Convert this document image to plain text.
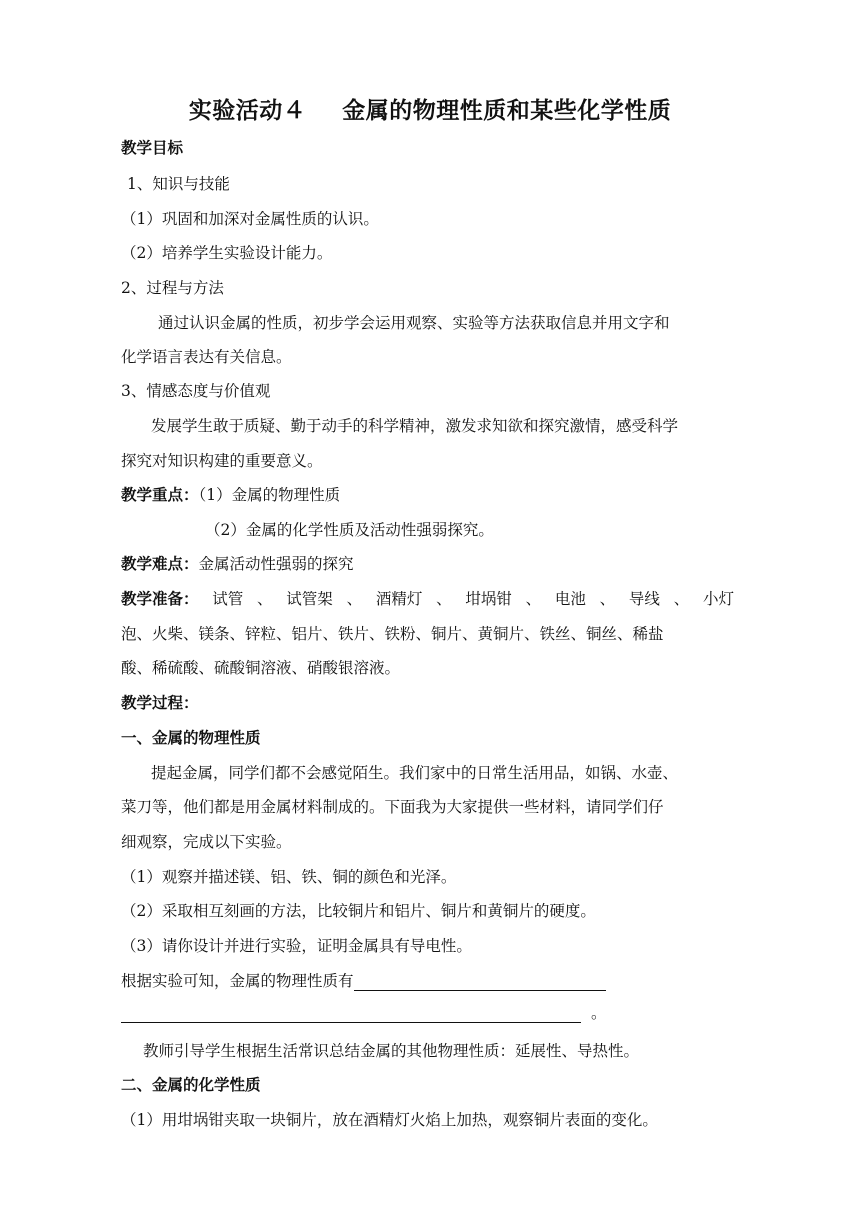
实验活动４ 金属的物理性质和某些化学性质
教学目标
1、知识与技能
（1）巩固和加深对金属性质的认识。
（2）培养学生实验设计能力。
2、过程与方法
通过认识金属的性质，初步学会运用观察、实验等方法获取信息并用文字和
化学语言表达有关信息。
3、情感态度与价值观
发展学生敢于质疑、勤于动手的科学精神，激发求知欲和探究激情，感受科学
探究对知识构建的重要意义。
教学重点：（1）金属的物理性质
（2）金属的化学性质及活动性强弱探究。
教学难点：金属活动性强弱的探究
教学准备： 试管 、 试管架 、 酒精灯 、 坩埚钳 、 电池 、 导线 、 小灯
泡、火柴、镁条、锌粒、铝片、铁片、铁粉、铜片、黄铜片、铁丝、铜丝、稀盐
酸、稀硫酸、硫酸铜溶液、硝酸银溶液。
教学过程：
一、金属的物理性质
提起金属，同学们都不会感觉陌生。我们家中的日常生活用品，如锅、水壶、
菜刀等，他们都是用金属材料制成的。下面我为大家提供一些材料，请同学们仔
细观察，完成以下实验。
（1）观察并描述镁、铝、铁、铜的颜色和光泽。
（2）采取相互刻画的方法，比较铜片和铝片、铜片和黄铜片的硬度。
（3）请你设计并进行实验，证明金属具有导电性。
根据实验可知，金属的物理性质有
。
教师引导学生根据生活常识总结金属的其他物理性质：延展性、导热性。
二、金属的化学性质
（1）用坩埚钳夹取一块铜片，放在酒精灯火焰上加热，观察铜片表面的变化。
